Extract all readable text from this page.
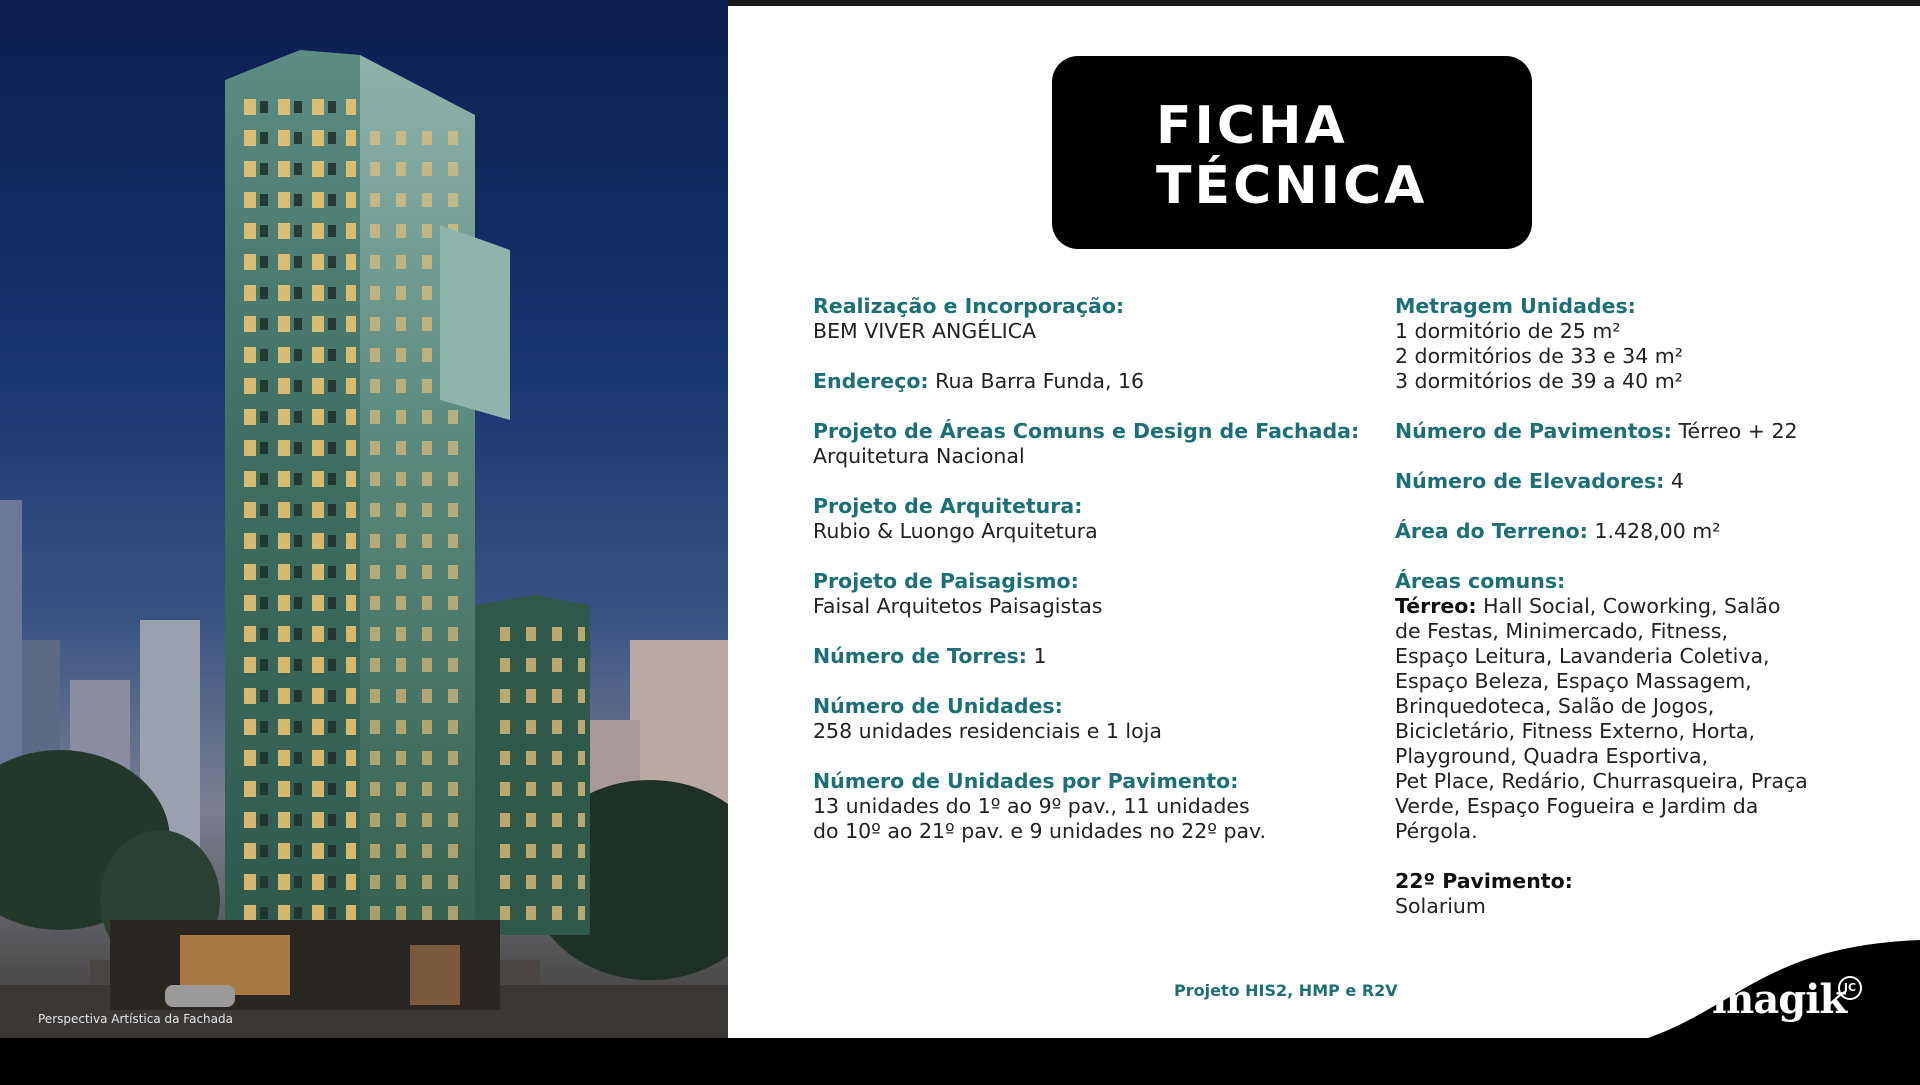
Perspectiva Artística da Fachada
FICHA
TÉCNICA
Realização e Incorporação:
BEM VIVER ANGÉLICA
Endereço: Rua Barra Funda, 16
Projeto de Áreas Comuns e Design de Fachada:
Arquitetura Nacional
Projeto de Arquitetura:
Rubio & Luongo Arquitetura
Projeto de Paisagismo:
Faisal Arquitetos Paisagistas
Número de Torres: 1
Número de Unidades:
258 unidades residenciais e 1 loja
Número de Unidades por Pavimento:
13 unidades do 1º ao 9º pav., 11 unidades
do 10º ao 21º pav. e 9 unidades no 22º pav.
Metragem Unidades:
1 dormitório de 25 m²
2 dormitórios de 33 e 34 m²
3 dormitórios de 39 a 40 m²
Número de Pavimentos: Térreo + 22
Número de Elevadores: 4
Área do Terreno: 1.428,00 m²
Áreas comuns:
Térreo: Hall Social, Coworking, Salão
de Festas, Minimercado, Fitness,
Espaço Leitura, Lavanderia Coletiva,
Espaço Beleza, Espaço Massagem,
Brinquedoteca, Salão de Jogos,
Bicicletário, Fitness Externo, Horta,
Playground, Quadra Esportiva,
Pet Place, Redário, Churrasqueira, Praça
Verde, Espaço Fogueira e Jardim da
Pérgola.
22º Pavimento:
Solarium
Projeto HIS2, HMP e R2V	magik
JC
